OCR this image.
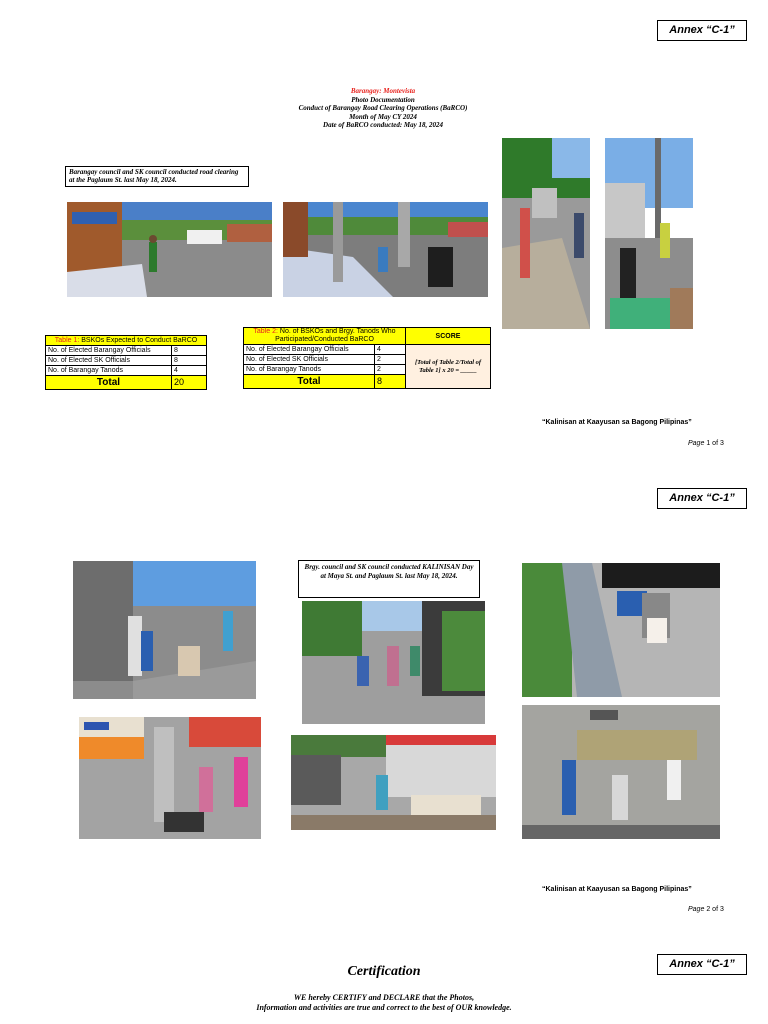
Annex “C-1”
Barangay: Montevista
Photo Documentation
Conduct of Barangay Road Clearing Operations (BaRCO)
Month of May CY 2024
Date of BaRCO conducted: May 18, 2024
Barangay council and SK council conducted road clearing at the Paglaum St. last May 18, 2024.
Table 1: BSKOs Expected to Conduct BaRCO	
No. of Elected Barangay Officials	8
No. of Elected SK Officials	8
No. of Barangay Tanods	4
Total	20
Table 2: No. of BSKOs and Brgy. Tanods Who Participated/Conducted BaRCO		SCORE
No. of Elected Barangay Officials	4	[Total of Table 2/Total of Table 1] x 20 = _____
No. of Elected SK Officials	2	
No. of Barangay Tanods	2	
Total	8	
“Kalinisan at Kaayusan sa Bagong Pilipinas”
Page 1 of 3
Annex “C-1”
Brgy. council and SK council conducted KALINISAN Day at Maya St. and Paglaum St. last May 18, 2024.
“Kalinisan at Kaayusan sa Bagong Pilipinas”
Page 2 of 3
Annex “C-1”
Certification
WE hereby CERTIFY and DECLARE that the Photos,
Information and activities are true and correct to the best of OUR knowledge.
